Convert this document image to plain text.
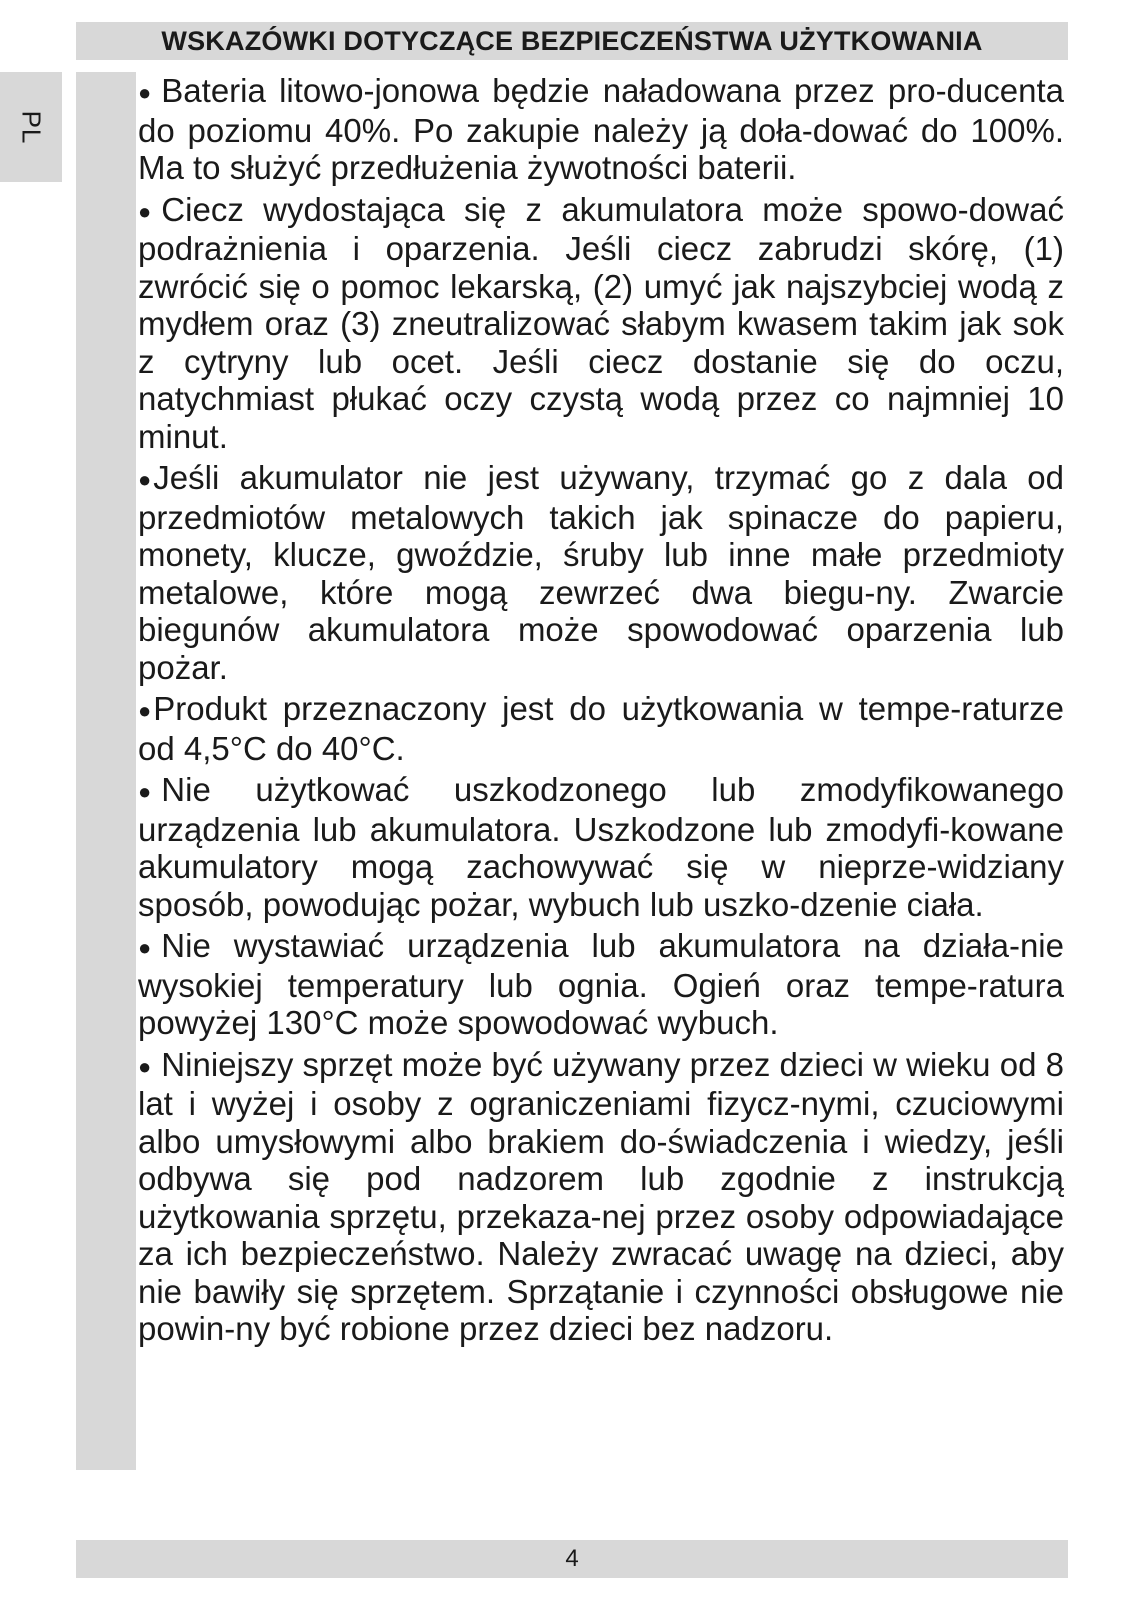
WSKAZÓWKI DOTYCZĄCE BEZPIECZEŃSTWA UŻYTKOWANIA
PL

● Bateria litowo-jonowa będzie naładowana przez pro-ducenta do poziomu 40%. Po zakupie należy ją doła-dować do 100%. Ma to służyć przedłużenia żywotności baterii.

● Ciecz wydostająca się z akumulatora może spowo-dować podrażnienia i oparzenia. Jeśli ciecz zabrudzi skórę, (1) zwrócić się o pomoc lekarską, (2) umyć jak najszybciej wodą z mydłem oraz (3) zneutralizować słabym kwasem takim jak sok z cytryny lub ocet. Jeśli ciecz dostanie się do oczu, natychmiast płukać oczy czystą wodą przez co najmniej 10 minut.

●Jeśli akumulator nie jest używany, trzymać go z dala od przedmiotów metalowych takich jak spinacze do papieru, monety, klucze, gwoździe, śruby lub inne małe przedmioty metalowe, które mogą zewrzeć dwa biegu-ny. Zwarcie biegunów akumulatora może spowodować oparzenia lub pożar.

●Produkt przeznaczony jest do użytkowania w tempe-raturze od 4,5°C do 40°C.

● Nie użytkować uszkodzonego lub zmodyfikowanego urządzenia lub akumulatora. Uszkodzone lub zmodyfi-kowane akumulatory mogą zachowywać się w nieprze-widziany sposób, powodując pożar, wybuch lub uszko-dzenie ciała.

● Nie wystawiać urządzenia lub akumulatora na działa-nie wysokiej temperatury lub ognia. Ogień oraz tempe-ratura powyżej 130°C może spowodować wybuch.

● Niniejszy sprzęt może być używany przez dzieci w wieku od 8 lat i wyżej i osoby z ograniczeniami fizycz-nymi, czuciowymi albo umysłowymi albo brakiem do-świadczenia i wiedzy, jeśli odbywa się pod nadzorem lub zgodnie z instrukcją użytkowania sprzętu, przekaza-nej przez osoby odpowiadające za ich bezpieczeństwo. Należy zwracać uwagę na dzieci, aby nie bawiły się sprzętem. Sprzątanie i czynności obsługowe nie powin-ny być robione przez dzieci bez nadzoru.

4
